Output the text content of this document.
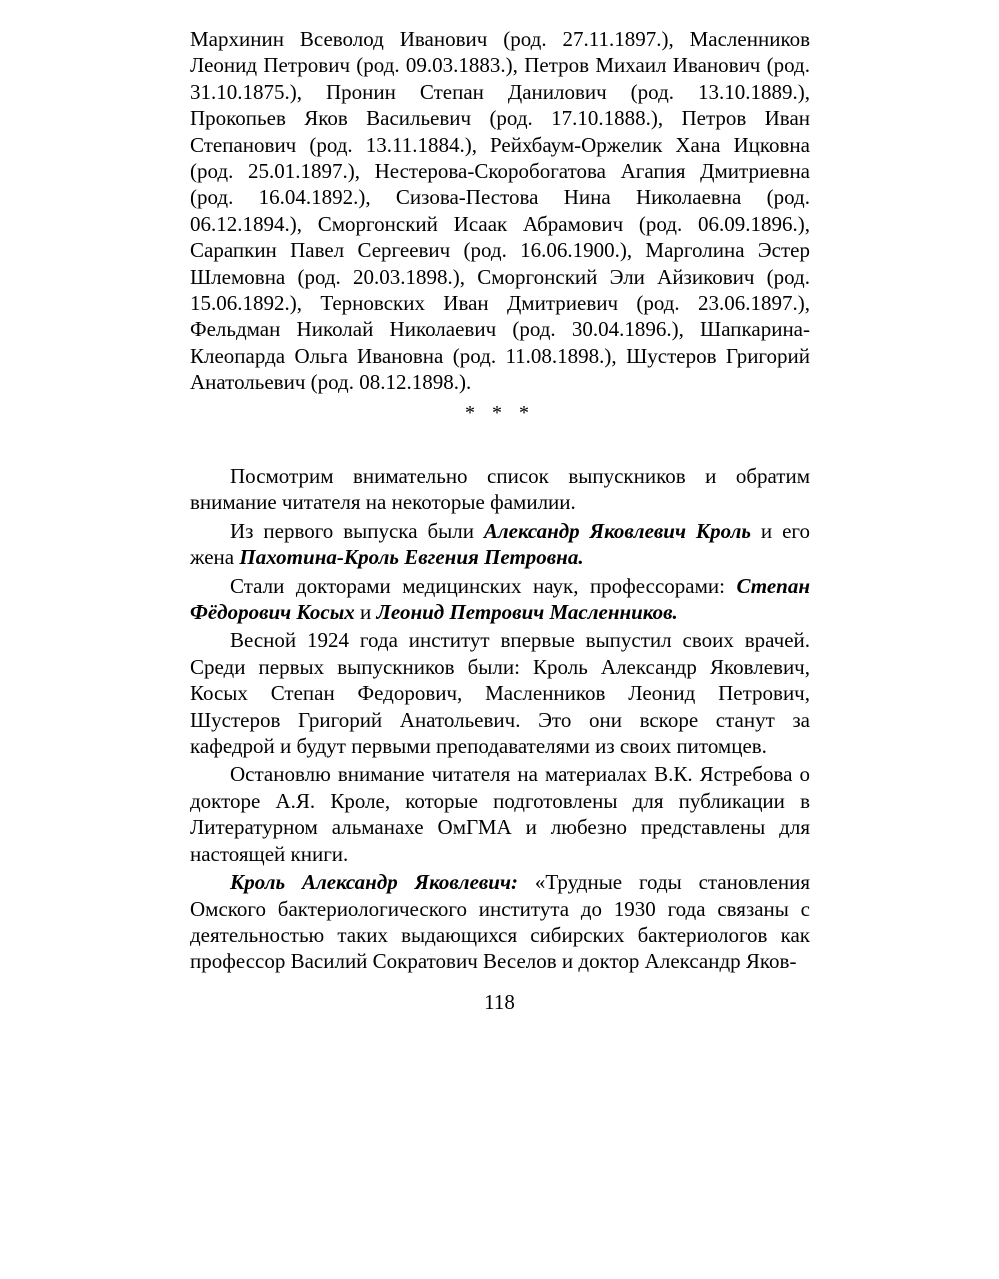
Мархинин Всеволод Иванович (род. 27.11.1897.), Масленников Леонид Петрович (род. 09.03.1883.), Петров Михаил Иванович (род. 31.10.1875.), Пронин Степан Данилович (род. 13.10.1889.), Прокопьев Яков Васильевич (род. 17.10.1888.), Петров Иван Степанович (род. 13.11.1884.), Рейхбаум-Оржелик Хана Ицковна (род. 25.01.1897.), Нестерова-Скоробогатова Агапия Дмитриевна (род. 16.04.1892.), Сизова-Пестова Нина Николаевна (род. 06.12.1894.), Сморгонский Исаак Абрамович (род. 06.09.1896.), Сарапкин Павел Сергеевич (род. 16.06.1900.), Марголина Эстер Шлемовна (род. 20.03.1898.), Сморгонский Эли Айзикович (род. 15.06.1892.), Терновских Иван Дмитриевич (род. 23.06.1897.), Фельдман Николай Николаевич (род. 30.04.1896.), Шапкарина-Клеопарда Ольга Ивановна (род. 11.08.1898.), Шустеров Григорий Анатольевич (род. 08.12.1898.).
* * *

Посмотрим внимательно список выпускников и обратим внимание читателя на некоторые фамилии.

Из первого выпуска были Александр Яковлевич Кроль и его жена Пахотина-Кроль Евгения Петровна.

Стали докторами медицинских наук, профессорами: Степан Фёдорович Косых и Леонид Петрович Масленников.

Весной 1924 года институт впервые выпустил своих врачей. Среди первых выпускников были: Кроль Александр Яковлевич, Косых Степан Федорович, Масленников Леонид Петрович, Шустеров Григорий Анатольевич. Это они вскоре станут за кафедрой и будут первыми преподавателями из своих питомцев.

Остановлю внимание читателя на материалах В.К. Ястребова о докторе А.Я. Кроле, которые подготовлены для публикации в Литературном альманахе ОмГМА и любезно представлены для настоящей книги.

Кроль Александр Яковлевич: «Трудные годы становления Омского бактериологического института до 1930 года связаны с деятельностью таких выдающихся сибирских бактериологов как профессор Василий Сократович Веселов и доктор Александр Яков-

118
